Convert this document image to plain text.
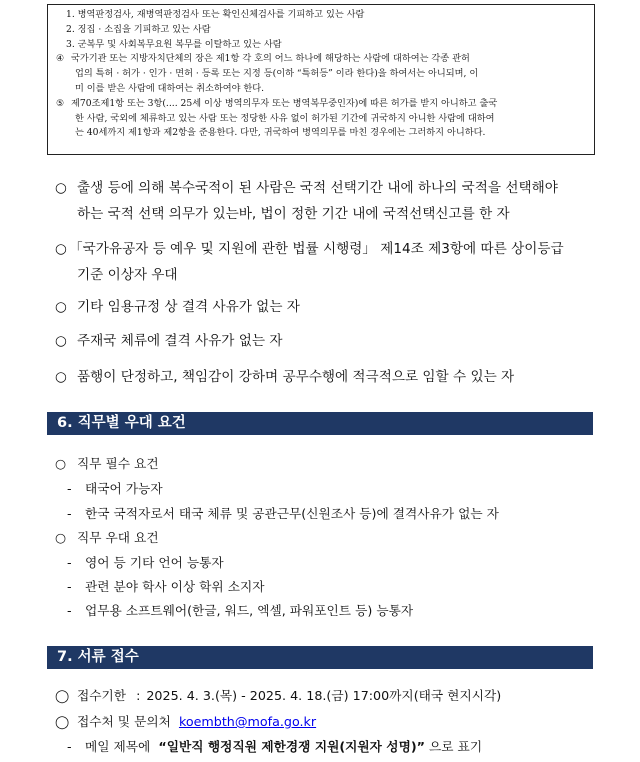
1. 병역판정검사, 재병역판정검사 또는 확인신체검사를 기피하고 있는 사람
2. 징집 · 소집을 기피하고 있는 사람
3. 군복무 및 사회복무요원 복무를 이탈하고 있는 사람
④ 국가기관 또는 지방자치단체의 장은 제1항 각 호의 어느 하나에 해당하는 사람에 대하여는 각종 관허
업의 특허 · 허가 · 인가 · 면허 · 등록 또는 지정 등(이하 “특허등” 이라 한다)을 하여서는 아니되며, 이
미 이를 받은 사람에 대하여는 취소하여야 한다.
⑤ 제70조제1항 또는 3항(.... 25세 이상 병역의무자 또는 병역복무중인자)에 따른 허가를 받지 아니하고 출국
한 사람, 국외에 체류하고 있는 사람 또는 정당한 사유 없이 허가된 기간에 귀국하지 아니한 사람에 대하여
는 40세까지 제1항과 제2항을 준용한다. 다만, 귀국하여 병역의무를 마친 경우에는 그러하지 아니하다.
○ 출생 등에 의해 복수국적이 된 사람은 국적 선택기간 내에 하나의 국적을 선택해야
하는 국적 선택 의무가 있는바, 법이 정한 기간 내에 국적선택신고를 한 자
○ 「국가유공자 등 예우 및 지원에 관한 법률 시행령」 제14조 제3항에 따른 상이등급
기준 이상자 우대
○ 기타 임용규정 상 결격 사유가 없는 자
○ 주재국 체류에 결격 사유가 없는 자
○ 품행이 단정하고, 책임감이 강하며 공무수행에 적극적으로 임할 수 있는 자
6. 직무별 우대 요건
○ 직무 필수 요건
- 태국어 가능자
- 한국 국적자로서 태국 체류 및 공관근무(신원조사 등)에 결격사유가 없는 자
○ 직무 우대 요건
- 영어 등 기타 언어 능통자
- 관련 분야 학사 이상 학위 소지자
- 업무용 소프트웨어(한글, 워드, 엑셀, 파워포인트 등) 능통자
7. 서류 접수
◯ 접수기한 : 2025. 4. 3.(목) - 2025. 4. 18.(금) 17:00까지(태국 현지시각)
◯ 접수처 및 문의처 koembth@mofa.go.kr
- 메일 제목에 “일반직 행정직원 제한경쟁 지원(지원자 성명)” 으로 표기
